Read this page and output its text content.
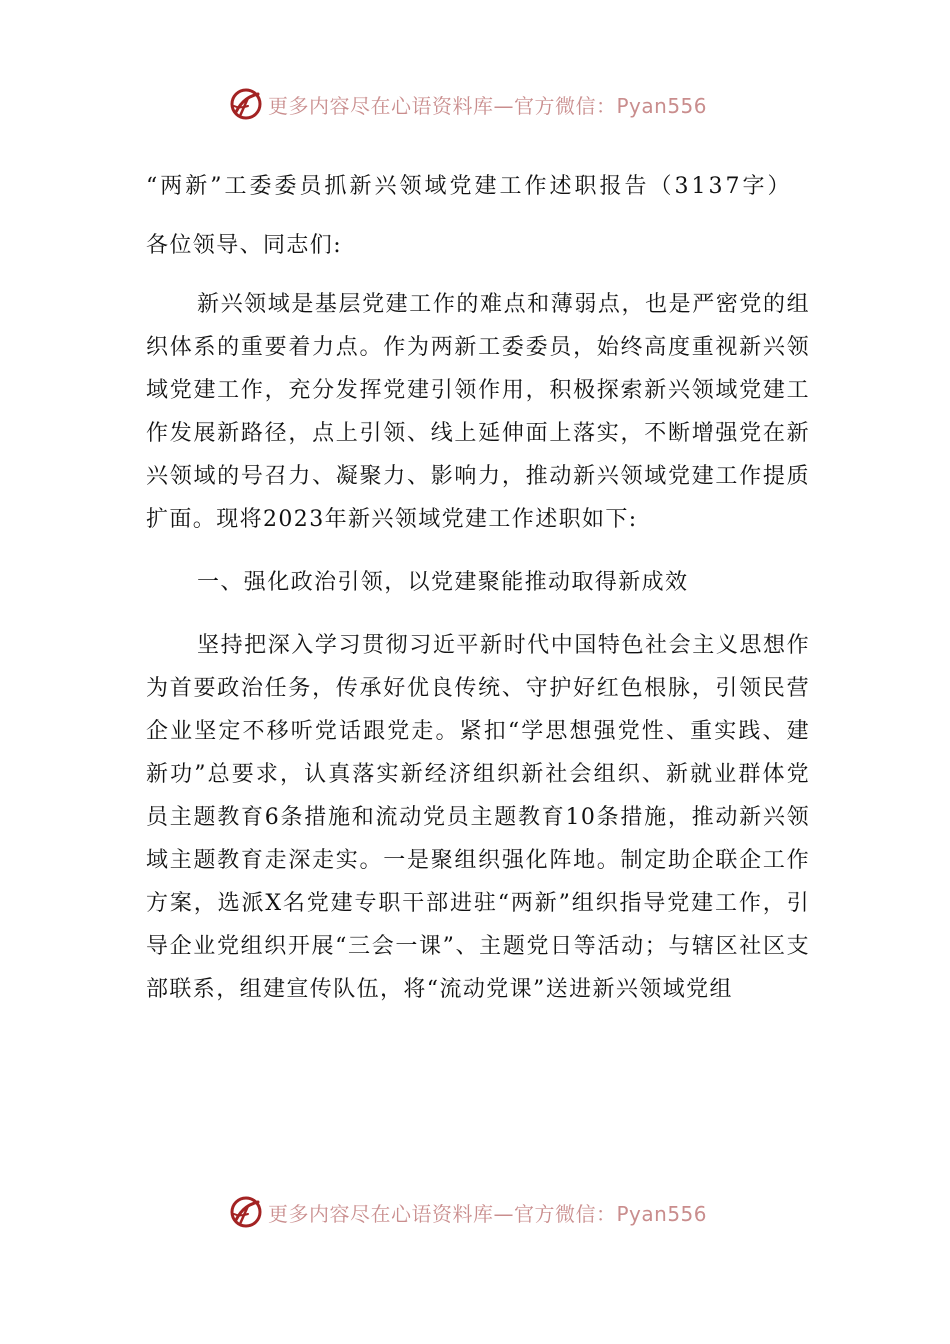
更多内容尽在心语资料库—官方微信：Pyan556
“两新”工委委员抓新兴领域党建工作述职报告（3137字）
各位领导、同志们:
新兴领域是基层党建工作的难点和薄弱点，也是严密党的组织体系的重要着力点。作为两新工委委员，始终高度重视新兴领域党建工作，充分发挥党建引领作用，积极探索新兴领域党建工作发展新路径，点上引领、线上延伸面上落实，不断增强党在新兴领域的号召力、凝聚力、影响力，推动新兴领域党建工作提质扩面。现将2023年新兴领域党建工作述职如下:
一、强化政治引领，以党建聚能推动取得新成效
坚持把深入学习贯彻习近平新时代中国特色社会主义思想作为首要政治任务，传承好优良传统、守护好红色根脉，引领民营企业坚定不移听党话跟党走。紧扣“学思想强党性、重实践、建新功”总要求，认真落实新经济组织新社会组织、新就业群体党员主题教育6条措施和流动党员主题教育10条措施，推动新兴领域主题教育走深走实。一是聚组织强化阵地。制定助企联企工作方案，选派X名党建专职干部进驻“两新”组织指导党建工作，引导企业党组织开展“三会一课”、主题党日等活动；与辖区社区支部联系，组建宣传队伍，将“流动党课”送进新兴领域党组
更多内容尽在心语资料库—官方微信：Pyan556
